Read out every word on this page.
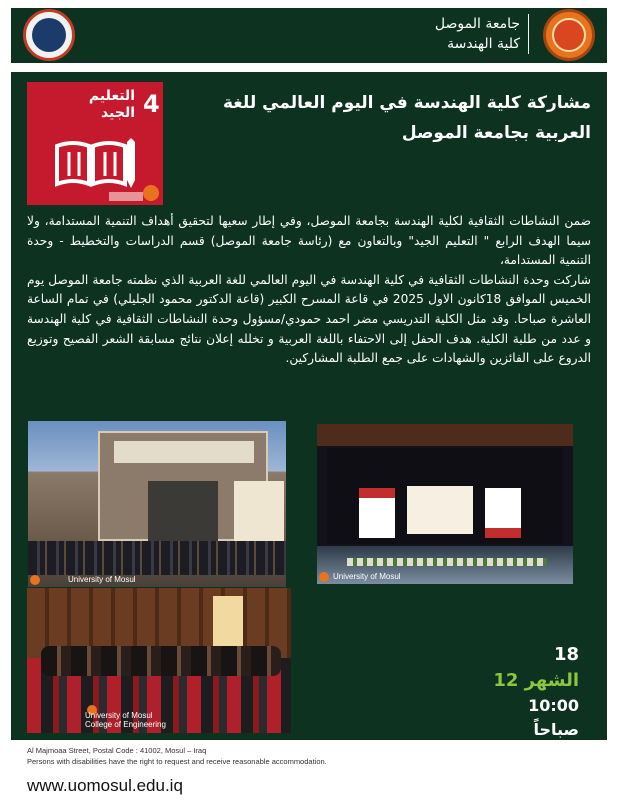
جامعة الموصل
كلية الهندسة
4
التعليم
الجيد	مشاركة كلية الهندسة في اليوم العالمي للغة العربية بجامعة الموصل
ضمن النشاطات الثقافية لكلية الهندسة بجامعة الموصل، وفي إطار سعيها لتحقيق أهداف التنمية المستدامة، ولا سيما الهدف الرابع " التعليم الجيد" وبالتعاون مع (رئاسة جامعة الموصل) قسم الدراسات والتخطيط - وحدة التنمية المستدامة،
شاركت وحدة النشاطات الثقافية في كلية الهندسة في اليوم العالمي للغة العربية الذي نظمته جامعة الموصل يوم الخميس الموافق 18كانون الاول 2025 في قاعة المسرح الكبير (قاعة الدكتور محمود الجليلي) في تمام الساعة العاشرة صباحا. وقد مثل الكلية التدريسي مضر احمد حمودي/مسؤول وحدة النشاطات الثقافية في كلية الهندسة و عدد من طلبة الكلية. هدف الحفل إلى الاحتفاء باللغة العربية و تخلله إعلان نتائج مسابقة الشعر الفصيح وتوزيع الدروع على الفائزين والشهادات على جمع الطلبة المشاركين.
University of Mosul	University of Mosul
University of Mosul
College of Engineering
18
الشهر 12
10:00 صباحاً
كلية الهندسة
Al Majmoaa Street, Postal Code : 41002, Mosul – Iraq
Persons with disabilities have the right to request and receive reasonable accommodation.
www.uomosul.edu.iq
